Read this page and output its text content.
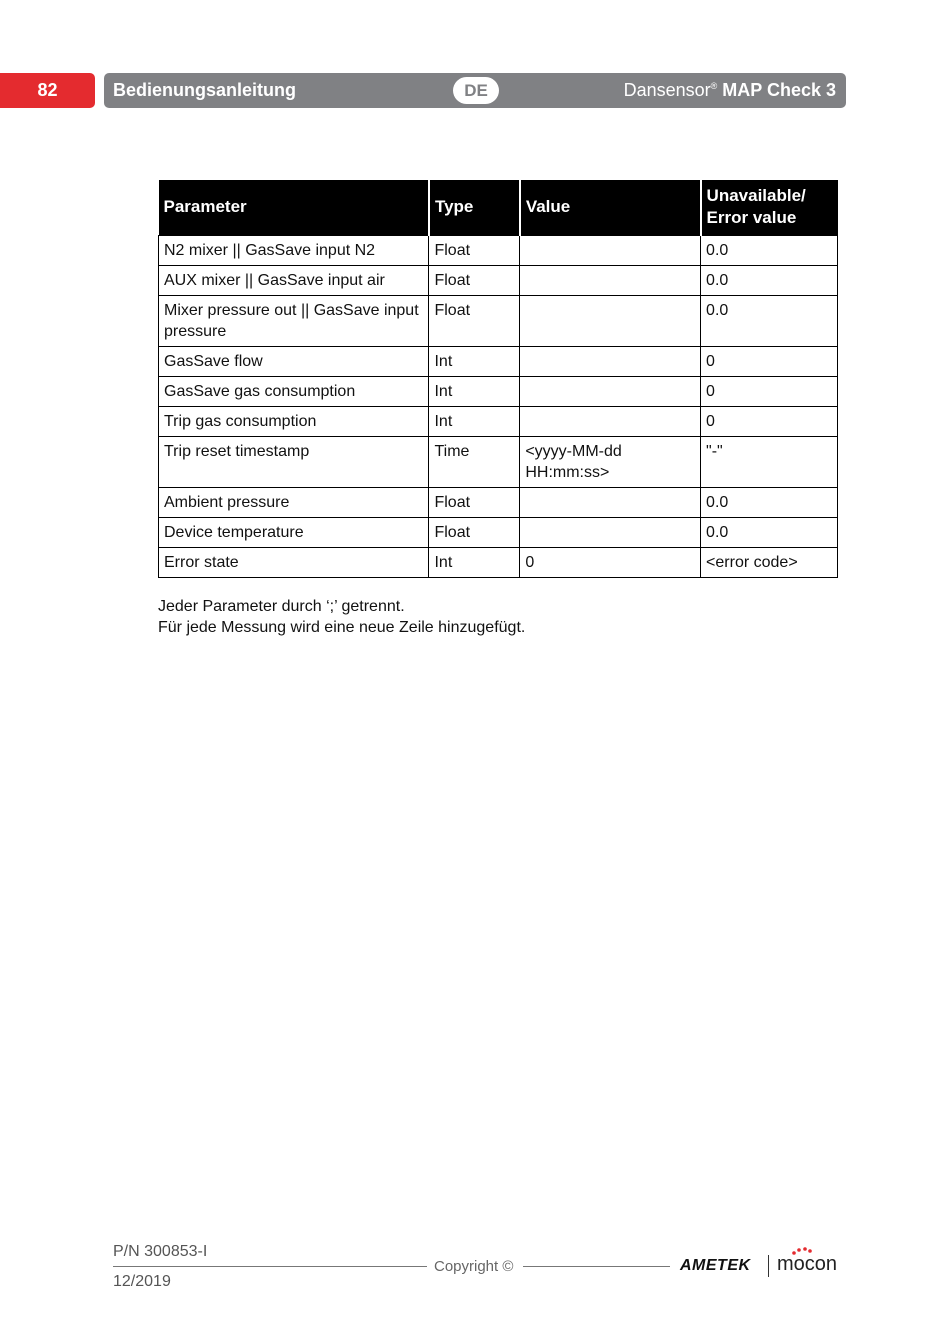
82	Bedienungsanleitung	DE	Dansensor® MAP Check 3
Parameter	Type	Value	Unavailable/ Error value
N2 mixer || GasSave input N2	Float		0.0
AUX mixer || GasSave input air	Float		0.0
Mixer pressure out || GasSave input pressure	Float		0.0
GasSave flow	Int		0
GasSave gas consumption	Int		0
Trip gas consumption	Int		0
Trip reset timestamp	Time	<yyyy-MM-dd HH:mm:ss>	"-"
Ambient pressure	Float		0.0
Device temperature	Float		0.0
Error state	Int	0	<error code>
Jeder Parameter durch ‘;’ getrennt.
Für jede Messung wird eine neue Zeile hinzugefügt.
P/N 300853-I
12/2019
Copyright ©	AMETEK mocon
